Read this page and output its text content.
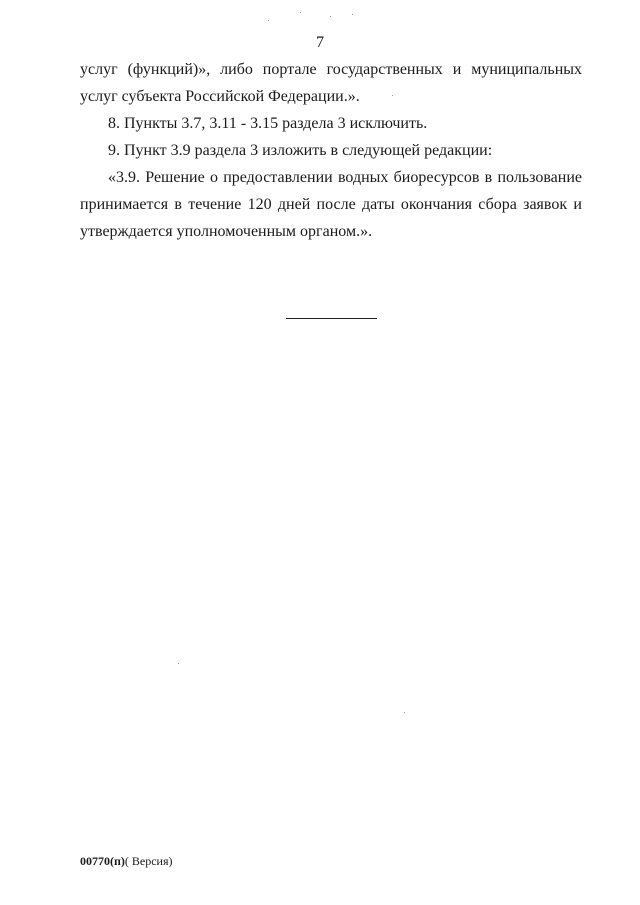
7

услуг (функций)», либо портале государственных и муниципальных услуг субъекта Российской Федерации.».

8. Пункты 3.7, 3.11 - 3.15 раздела 3 исключить.

9. Пункт 3.9 раздела 3 изложить в следующей редакции:

«3.9. Решение о предоставлении водных биоресурсов в пользование принимается в течение 120 дней после даты окончания сбора заявок и утверждается уполномоченным органом.».

00770(п)( Версия)
